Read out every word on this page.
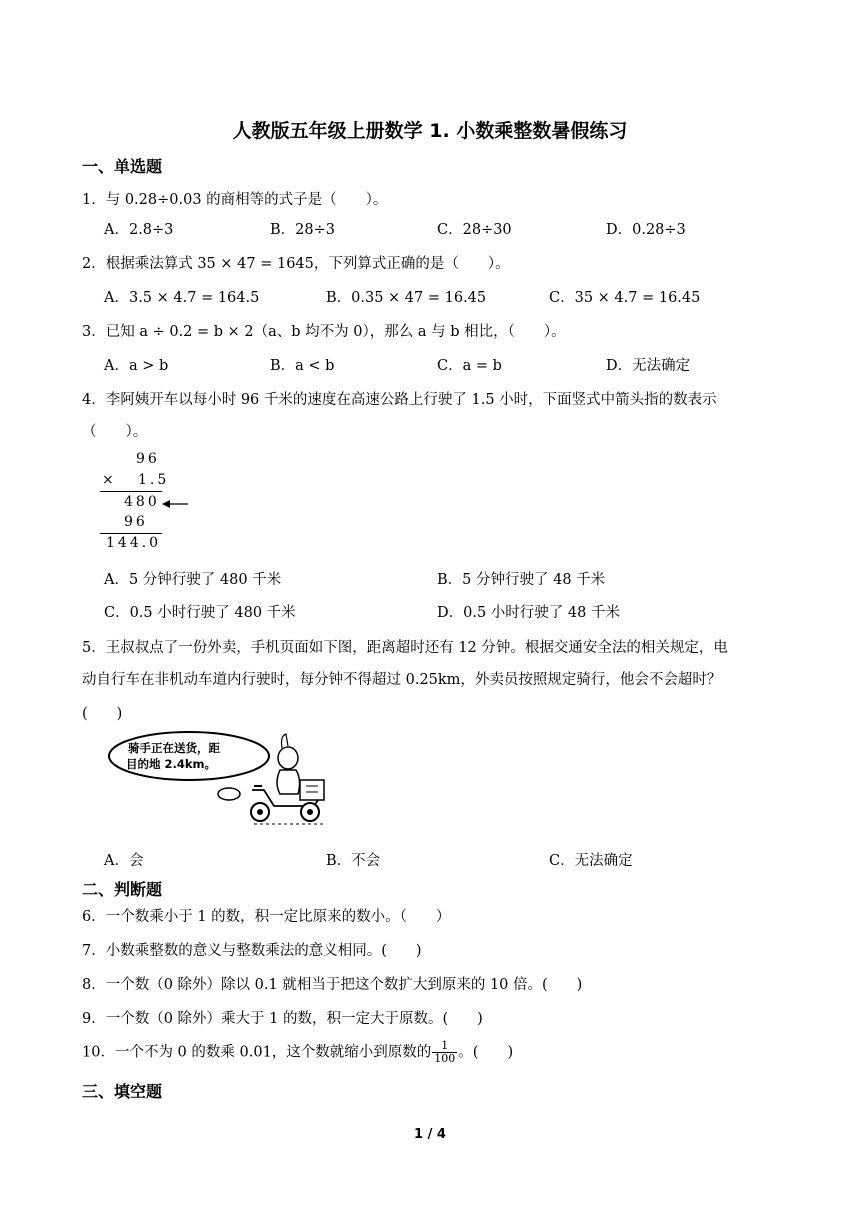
人教版五年级上册数学 1. 小数乘整数暑假练习
一、单选题
1．与 0.28÷0.03 的商相等的式子是（　　）。
A．2.8÷3	B．28÷3	C．28÷30	D．0.28÷3
2．根据乘法算式 35 × 47 = 1645，下列算式正确的是（　　）。
A．3.5 × 4.7 = 164.5	B．0.35 × 47 = 16.45	C．35 × 4.7 = 16.45
3．已知 a ÷ 0.2 = b × 2（a、b 均不为 0），那么 a 与 b 相比，（　　）。
A．a > b	B．a < b	C．a = b	D．无法确定
4．李阿姨开车以每小时 96 千米的速度在高速公路上行驶了 1.5 小时，下面竖式中箭头指的数表示
（　　）。
96
× 1.5
480
96
144.0
A．5 分钟行驶了 480 千米	B．5 分钟行驶了 48 千米
C．0.5 小时行驶了 480 千米	D．0.5 小时行驶了 48 千米
5．王叔叔点了一份外卖，手机页面如下图，距离超时还有 12 分钟。根据交通安全法的相关规定，电
动自行车在非机动车道内行驶时，每分钟不得超过 0.25km，外卖员按照规定骑行，他会不会超时？
(　　)
骑手正在送货，距
目的地 2.4km。
A．会	B．不会	C．无法确定
二、判断题
6．一个数乘小于 1 的数，积一定比原来的数小。（　　）
7．小数乘整数的意义与整数乘法的意义相同。(　　)
8．一个数（0 除外）除以 0.1 就相当于把这个数扩大到原来的 10 倍。(　　)
9．一个数（0 除外）乘大于 1 的数，积一定大于原数。(　　)
10．一个不为 0 的数乘 0.01，这个数就缩小到原数的 $\frac{1}{100}$ 。(　　)
三、填空题
1 / 4
